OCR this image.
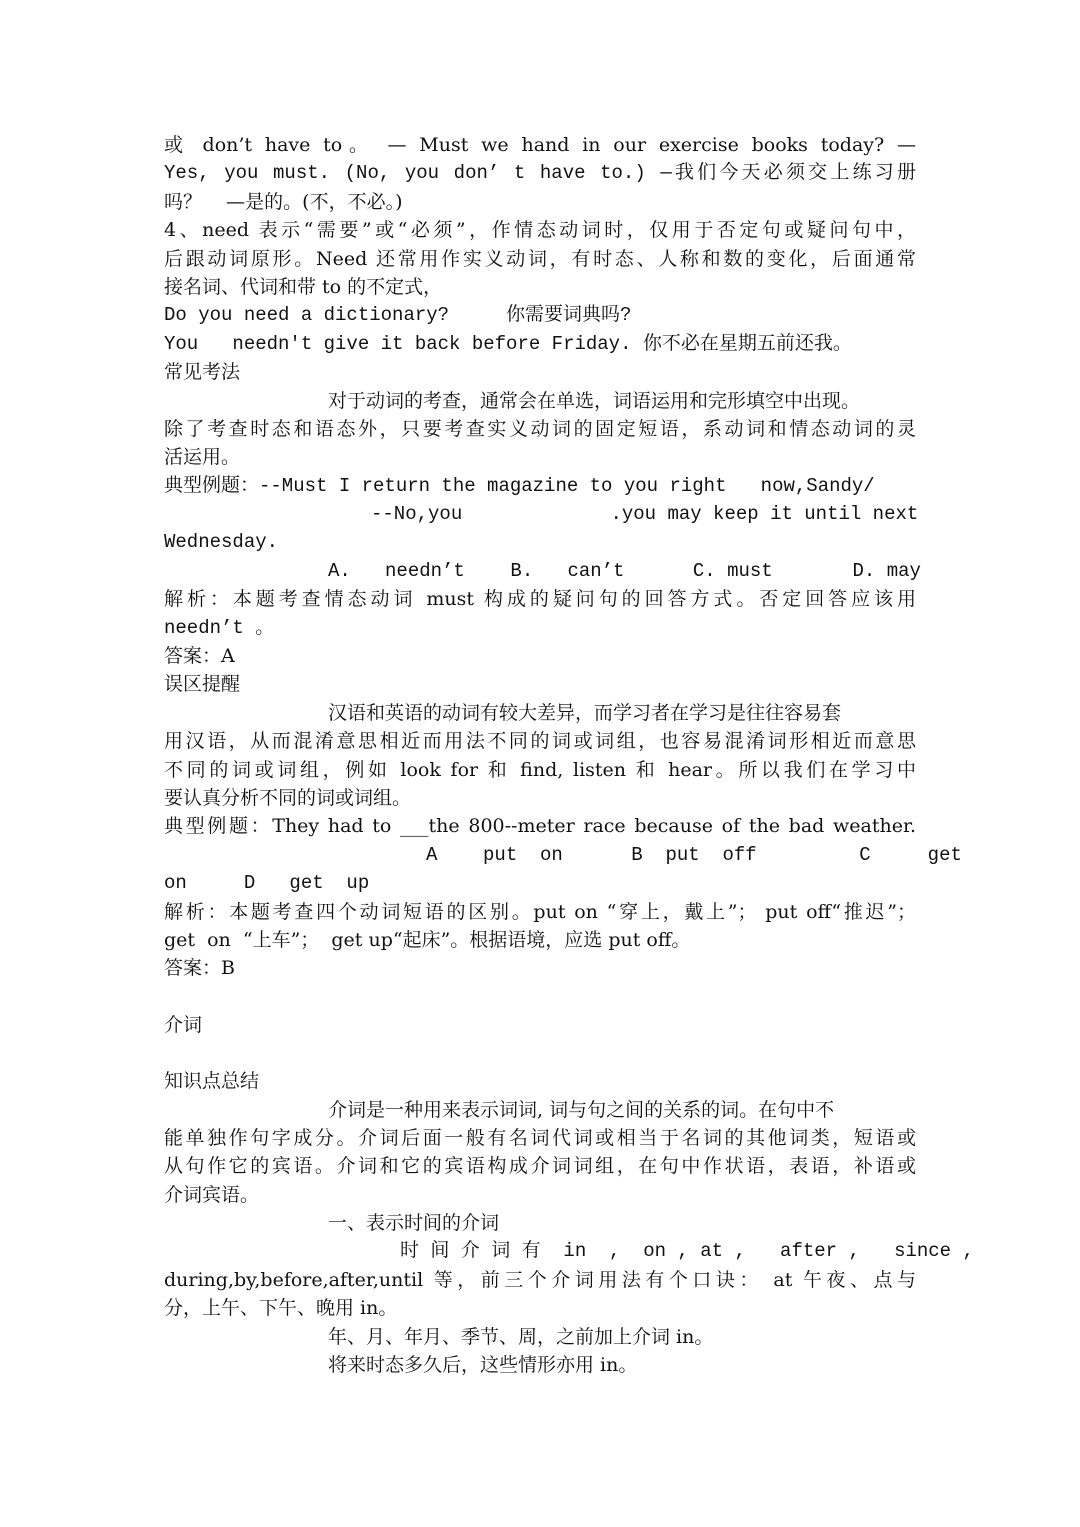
或 don’t have to。 — Must we hand in our exercise books today? —
Yes, you must. (No, you don’ t have to.) —我们今天必须交上练习册
吗？    —是的。(不，不必。)
4、need 表示“需要”或“必须”，作情态动词时，仅用于否定句或疑问句中，
后跟动词原形。Need 还常用作实义动词，有时态、人称和数的变化，后面通常
接名词、代词和带 to 的不定式，
Do you need a dictionary?     你需要词典吗?
You   needn't give it back before Friday. 你不必在星期五前还我。
常见考法
对于动词的考查，通常会在单选，词语运用和完形填空中出现。
除了考查时态和语态外，只要考查实义动词的固定短语，系动词和情态动词的灵
活运用。
典型例题：--Must I return the magazine to you right   now,Sandy/
--No,you             .you may keep it until next
Wednesday.
A.   needn’t    B.   can’t      C. must       D. may
解析：本题考查情态动词 must 构成的疑问句的回答方式。否定回答应该用
needn’t 。
答案：A
误区提醒
汉语和英语的动词有较大差异，而学习者在学习是往往容易套
用汉语，从而混淆意思相近而用法不同的词或词组，也容易混淆词形相近而意思
不同的词或词组，例如 look for 和 find, listen 和 hear。所以我们在学习中
要认真分析不同的词或词组。
典型例题：They had to ___the 800--meter race because of the bad weather.
A    put  on      B  put  off         C     get
on     D   get  up
解析：本题考查四个动词短语的区别。put on “穿上，戴上”； put off“推迟”；
get  on  “上车”；  get up“起床”。根据语境，应选 put off。
答案：B
介词
知识点总结
介词是一种用来表示词词, 词与句之间的关系的词。在句中不
能单独作句字成分。介词后面一般有名词代词或相当于名词的其他词类，短语或
从句作它的宾语。介词和它的宾语构成介词词组，在句中作状语，表语，补语或
介词宾语。
一、表示时间的介词
时 间 介 词 有  in  ,  on , at ,   after ,   since ,
during,by,before,after,until 等，前三个介词用法有个口诀： at 午夜、点与
分，上午、下午、晚用 in。
年、月、年月、季节、周，之前加上介词 in。
将来时态多久后，这些情形亦用 in。
